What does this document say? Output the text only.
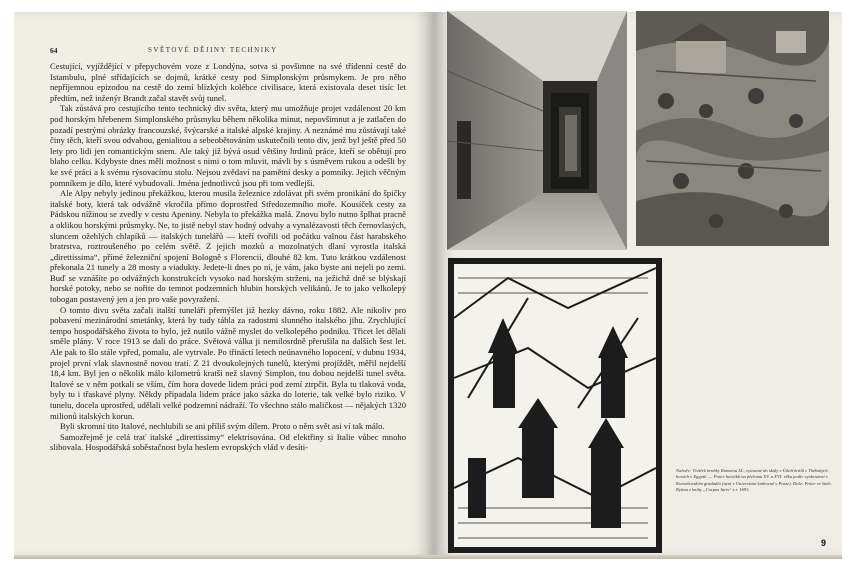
64	SVĚTOVÉ DĚJINY TECHNIKY

Cestující, vyjíždějící v přepychovém voze z Londýna, sotva si povšimne na své třídenní cestě do Istambulu, plné střídajících se dojmů, krátké cesty pod Simplonským průsmykem. Je pro něho nepříjemnou epizodou na cestě do zemí blízkých kolébce civilisace, která existovala deset tisíc let předtím, než inženýr Brandt začal stavět svůj tunel.

Tak zůstává pro cestujícího tento technický div světa, který mu umožňuje projet vzdálenost 20 km pod horským hřebenem Simplonského průsmyku během několika minut, nepovšimnut a je zatlačen do pozadí pestrými obrázky francouzské, švýcarské a italské alpské krajiny. A neznámé mu zůstávají také činy těch, kteří svou odvahou, genialitou a sebeobětováním uskutečnili tento div, jenž byl ještě před 50 lety pro lidi jen romantickým snem. Ale taký již bývá osud většiny hrdinů práce, kteří se obětují pro blaho celku. Kdybyste dnes měli možnost s nimi o tom mluvit, mávli by s úsměvem rukou a odešli by ke své práci a k svému rýsovacímu stolu. Nejsou zvědaví na pamětní desky a pomníky. Jejich věčným pomníkem je dílo, které vybudovali. Jména jednotlivců jsou při tom vedlejší.

Ale Alpy nebyly jedinou překážkou, kterou musila železnice zdolávat při svém pronikání do špičky italské boty, která tak odvážně vkročila přímo doprostřed Středozemního moře. Kousíček cesty za Pádskou nížinou se zvedly v cestu Apeniny. Nebyla to překážka malá. Znovu bylo nutno šplhat pracně a oklikou horskými průsmyky. Ne, to jistě nebyl stav hodný odvahy a vynalézavosti těch černovlasých, sluncem ožehlých chlapíků — italských tunelářů — kteří tvořili od počátku valnou část harabského bratrstva, roztroušeného po celém světě. Z jejich mozků a mozolnatých dlaní vyrostla italská „direttissima“, přímé železniční spojení Bologně s Florencií, dlouhé 82 km. Tuto krátkou vzdálenost překonala 21 tunely a 28 mosty a viadukty. Jedete-li dnes po ní, je vám, jako byste ani nejeli po zemi. Buď se vznášíte po odvážných konstrukcích vysoko nad horským strženi, na ježichž dně se blýskají horské potoky, nebo se nořite do temnot podzemních hlubin horských velikánů. Je to jako velkolepý tobogan postavený jen a jen pro vaše povyražení.

O tomto divu světa začali italští tuneláři přemýšlet již hezky dávno, roku 1882. Ale nikoliv pro pobavení mezinárodní smetánky, která by tudy táhla za radostmi slunného italského jihu. Zrychlující tempo hospodářského života to bylo, jež nutilo vážně myslet do velkolepého podniku. Třicet let dělali směle plány. V roce 1913 se dali do práce. Světová válka ji nemilosrdně přerušila na dalších šest let. Ale pak to šlo stále vpřed, pomalu, ale vytrvale. Po třináctí letech neúnavného lopocení, v dubnu 1934, projel první vlak slavnostně novou tratí. Z 21 dvoukolejných tunelů, kterými projíždět, měřil nejdelší 18,4 km. Byl jen o několik málo kilometrů kratší než slavný Simplon, tou dobou nejdelší tunel světa. Italové se v něm potkali se vším, čím hora dovede lidem práci pod zemí ztrpčit. Byla tu tlaková voda, byly tu i třaskavé plyny. Někdy připadala lidem práce jako sázka do loterie, tak velké bylo riziko. V tunelu, docela uprostřed, udělali velké podzemní nádraží. To všechno stálo maličkost — nějakých 1320 milionů italských korun.

Byli skromní tito Italové, nechlubili se ani příliš svým dílem. Proto o něm svět asi ví tak málo.

Samozřejmě je celá trať italské „direttissimy“ elektrisována. Od elektřiny si Italie vůbec mnoho slibovala. Hospodářská soběstačnost byla heslem evropských vlád v desíti-

Nahoře: Vnitřek hrobky Ramsesa IX., vytesané do skály v Údolí králů v Thébských horách v Egyptě. — Práce horníků na přelomu XV. a XVI. věku podle vyobrazení v Kutnohorském graduálu (nyní v Universitní knihovně v Praze). Dole: Práce ve štole. Rytina z knihy „Corpus Iuris“ z r. 1693.
9
